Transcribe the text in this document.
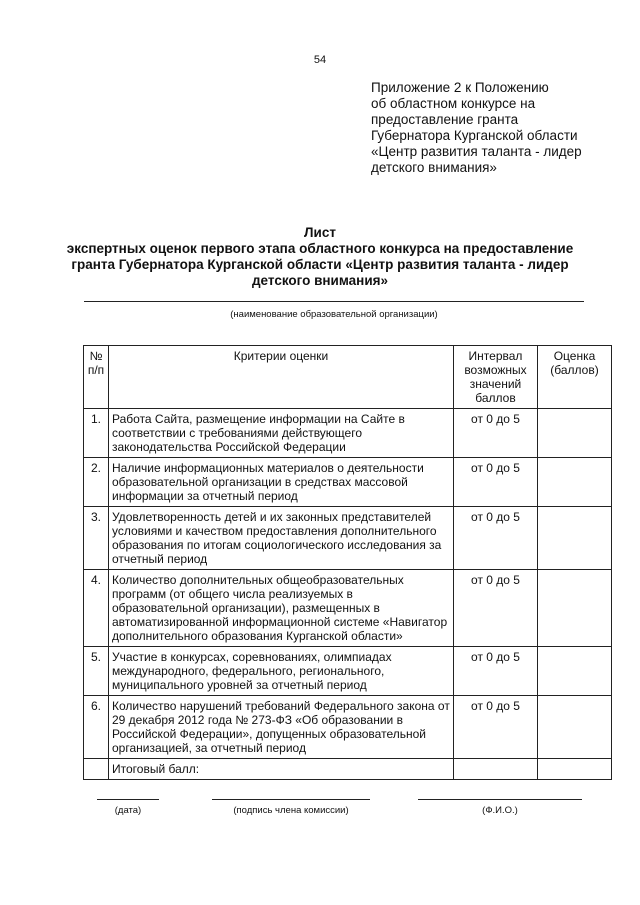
54
Приложение 2 к Положению
об областном конкурсе на
предоставление гранта
Губернатора Курганской области
«Центр развития таланта - лидер
детского внимания»
Лист
экспертных оценок первого этапа областного конкурса на предоставление
гранта Губернатора Курганской области «Центр развития таланта - лидер
детского внимания»
(наименование образовательной организации)
№ п/п	Критерии оценки	Интервал возможных значений баллов	Оценка (баллов)
1.	Работа Сайта, размещение информации на Сайте в соответствии с требованиями действующего законодательства Российской Федерации	от 0 до 5	
2.	Наличие информационных материалов о деятельности образовательной организации в средствах массовой информации за отчетный период	от 0 до 5	
3.	Удовлетворенность детей и их законных представителей условиями и качеством предоставления дополнительного образования по итогам социологического исследования за отчетный период	от 0 до 5	
4.	Количество дополнительных общеобразовательных программ (от общего числа реализуемых в образовательной организации), размещенных в автоматизированной информационной системе «Навигатор дополнительного образования Курганской области»	от 0 до 5	
5.	Участие в конкурсах, соревнованиях, олимпиадах международного, федерального, регионального, муниципального уровней за отчетный период	от 0 до 5	
6.	Количество нарушений требований Федерального закона от 29 декабря 2012 года № 273-ФЗ «Об образовании в Российской Федерации», допущенных образовательной организацией, за отчетный период	от 0 до 5	
	Итоговый балл:		
(дата)	(подпись члена комиссии)	(Ф.И.О.)
